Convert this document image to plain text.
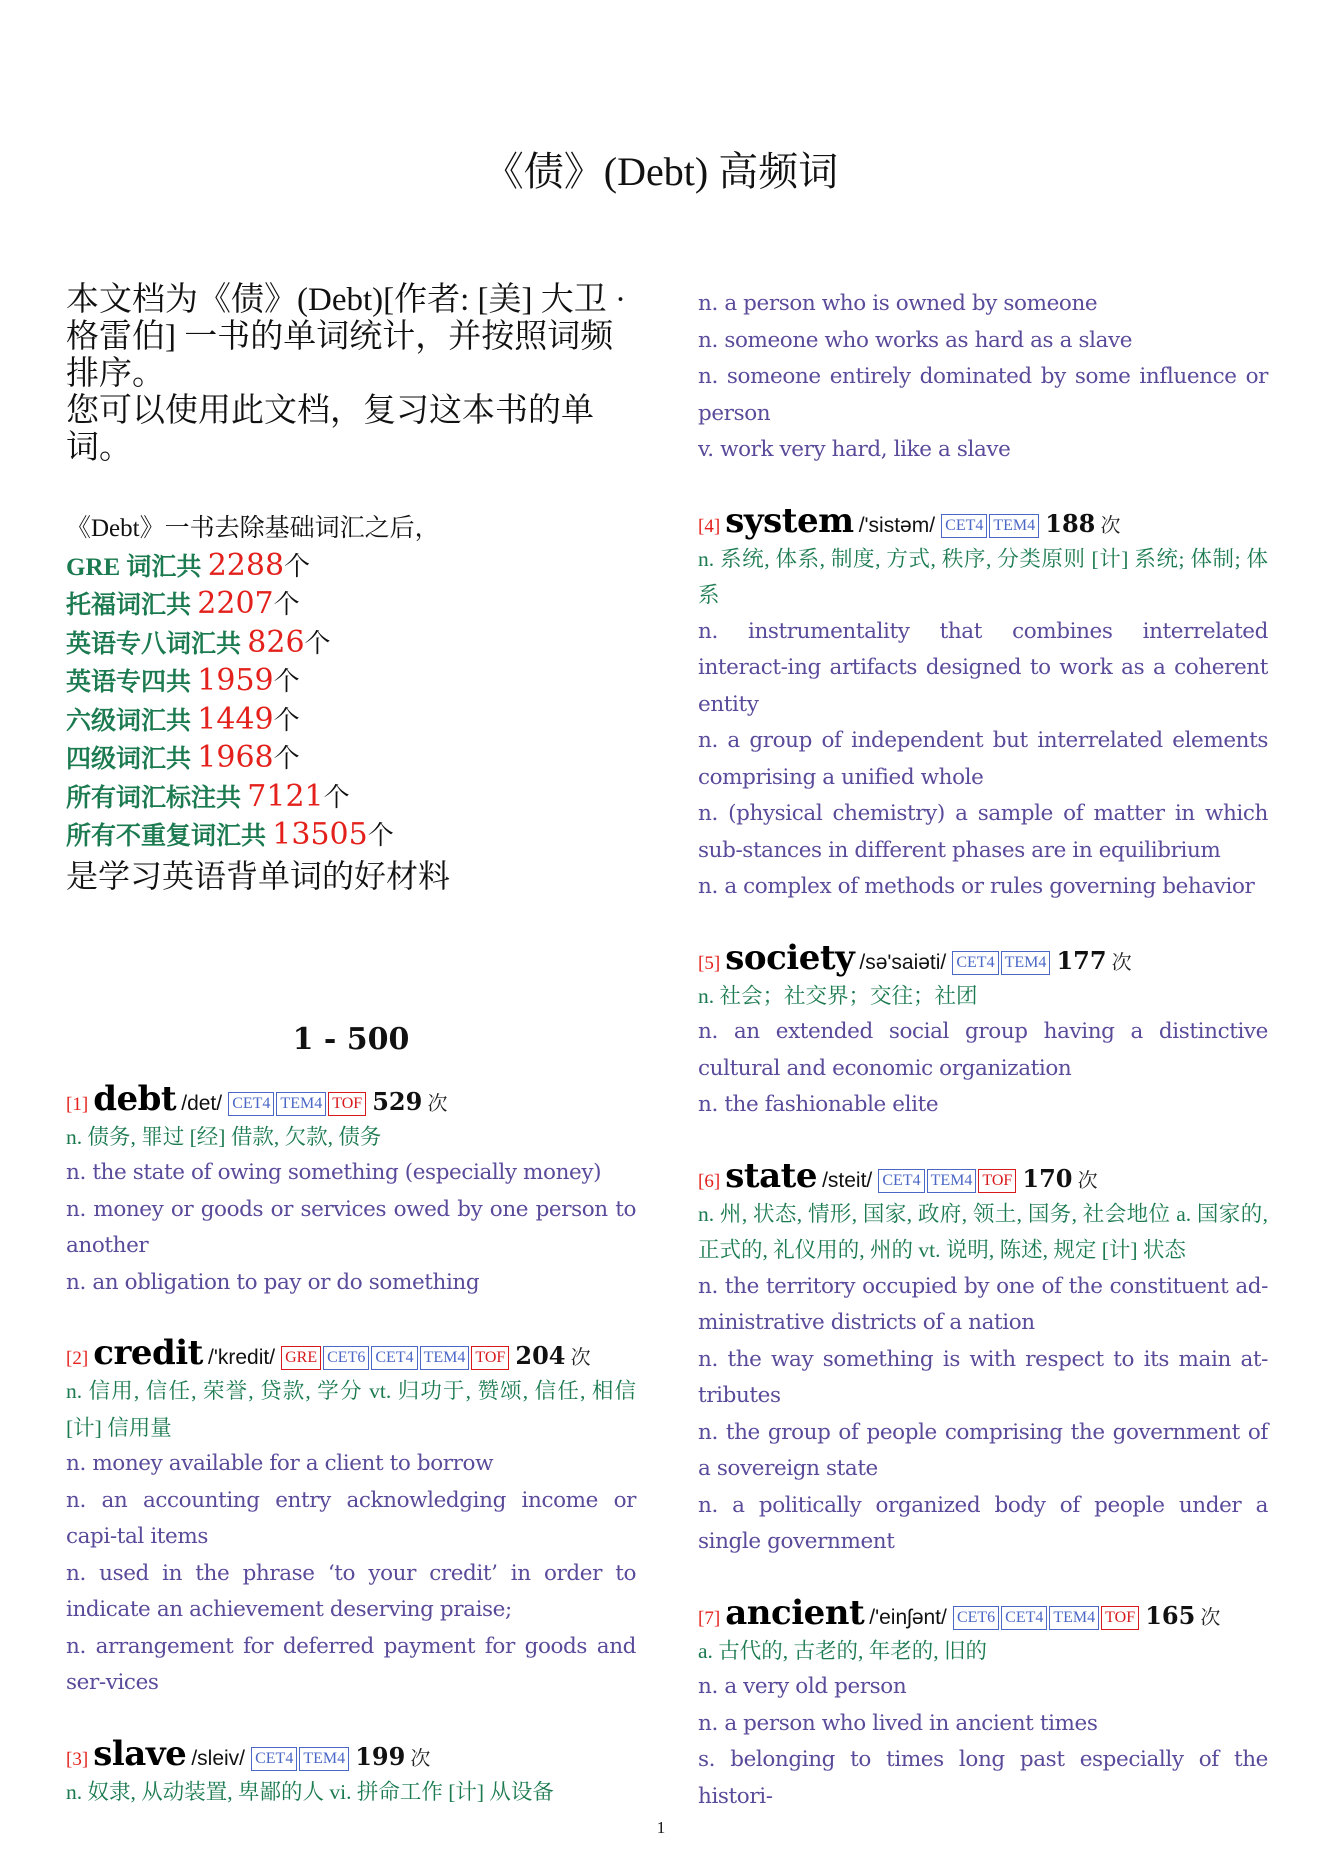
《债》(Debt) 高频词

本文档为《债》(Debt)[作者: [美] 大卫 · 格雷伯] 一书的单词统计，并按照词频排序。

您可以使用此文档，复习这本书的单词。

《Debt》一书去除基础词汇之后，
GRE 词汇共 2288个
托福词汇共 2207个
英语专八词汇共 826个
英语专四共 1959个
六级词汇共 1449个
四级词汇共 1968个
所有词汇标注共 7121个
所有不重复词汇共 13505个
是学习英语背单词的好材料
1 - 500
[1] debt /det/ CET4 TEM4 TOF 529 次
n. 债务, 罪过 [经] 借款, 欠款, 债务
n. the state of owing something (especially money)
n. money or goods or services owed by one person to another
n. an obligation to pay or do something
[2] credit /'kredit/ GRE CET6 CET4 TEM4 TOF 204 次
n. 信用, 信任, 荣誉, 贷款, 学分 vt. 归功于, 赞颂, 信任, 相信 [计] 信用量
n. money available for a client to borrow
n. an accounting entry acknowledging income or capi-tal items
n. used in the phrase ‘to your credit’ in order to indicate an achievement deserving praise;
n. arrangement for deferred payment for goods and ser-vices
[3] slave /sleiv/ CET4 TEM4 199 次
n. 奴隶, 从动装置, 卑鄙的人 vi. 拼命工作 [计] 从设备
n. a person who is owned by someone
n. someone who works as hard as a slave
n. someone entirely dominated by some influence or person
v. work very hard, like a slave
[4] system /'sistəm/ CET4 TEM4 188 次
n. 系统, 体系, 制度, 方式, 秩序, 分类原则 [计] 系统; 体制; 体系
n. instrumentality that combines interrelated interact-ing artifacts designed to work as a coherent entity
n. a group of independent but interrelated elements comprising a unified whole
n. (physical chemistry) a sample of matter in which sub-stances in different phases are in equilibrium
n. a complex of methods or rules governing behavior
[5] society /sə'saiəti/ CET4 TEM4 177 次
n. 社会；社交界；交往；社团
n. an extended social group having a distinctive cultural and economic organization
n. the fashionable elite
[6] state /steit/ CET4 TEM4 TOF 170 次
n. 州, 状态, 情形, 国家, 政府, 领土, 国务, 社会地位 a. 国家的, 正式的, 礼仪用的, 州的 vt. 说明, 陈述, 规定 [计] 状态
n. the territory occupied by one of the constituent ad-ministrative districts of a nation
n. the way something is with respect to its main at-tributes
n. the group of people comprising the government of a sovereign state
n. a politically organized body of people under a single government
[7] ancient /'einʃənt/ CET6 CET4 TEM4 TOF 165 次
a. 古代的, 古老的, 年老的, 旧的
n. a very old person
n. a person who lived in ancient times
s. belonging to times long past especially of the histori-
1
